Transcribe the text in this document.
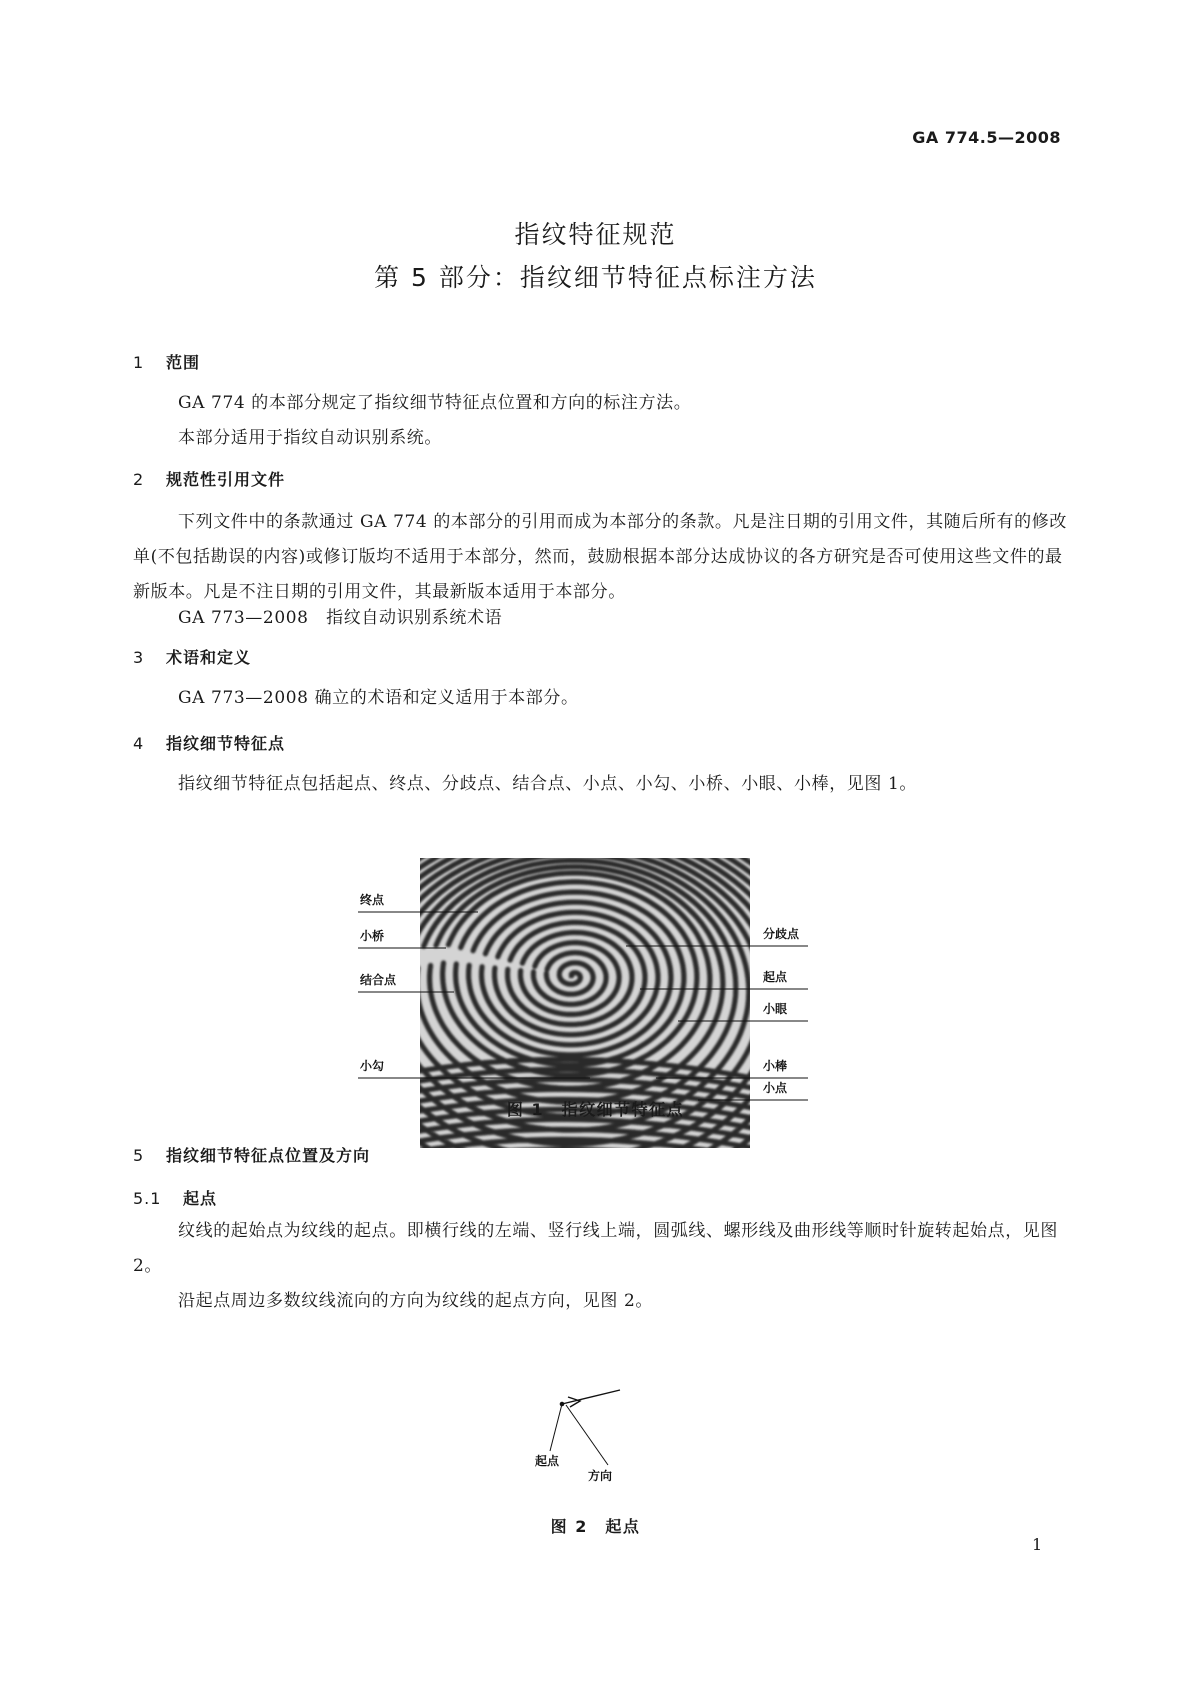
GA 774.5—2008
指纹特征规范
第 5 部分：指纹细节特征点标注方法
1 范围
GA 774 的本部分规定了指纹细节特征点位置和方向的标注方法。
本部分适用于指纹自动识别系统。
2 规范性引用文件
下列文件中的条款通过 GA 774 的本部分的引用而成为本部分的条款。凡是注日期的引用文件，其随后所有的修改单(不包括勘误的内容)或修订版均不适用于本部分，然而，鼓励根据本部分达成协议的各方研究是否可使用这些文件的最新版本。凡是不注日期的引用文件，其最新版本适用于本部分。
GA 773—2008　指纹自动识别系统术语
3 术语和定义
GA 773—2008 确立的术语和定义适用于本部分。
4 指纹细节特征点
指纹细节特征点包括起点、终点、分歧点、结合点、小点、小勾、小桥、小眼、小棒，见图 1。
终点
小桥
结合点
小勾
分歧点
起点
小眼
小棒
小点
图 1　指纹细节特征点
5 指纹细节特征点位置及方向
5.1 起点
纹线的起始点为纹线的起点。即横行线的左端、竖行线上端，圆弧线、螺形线及曲形线等顺时针旋转起始点，见图 2。
沿起点周边多数纹线流向的方向为纹线的起点方向，见图 2。
起点
方向
图 2　起点
1
